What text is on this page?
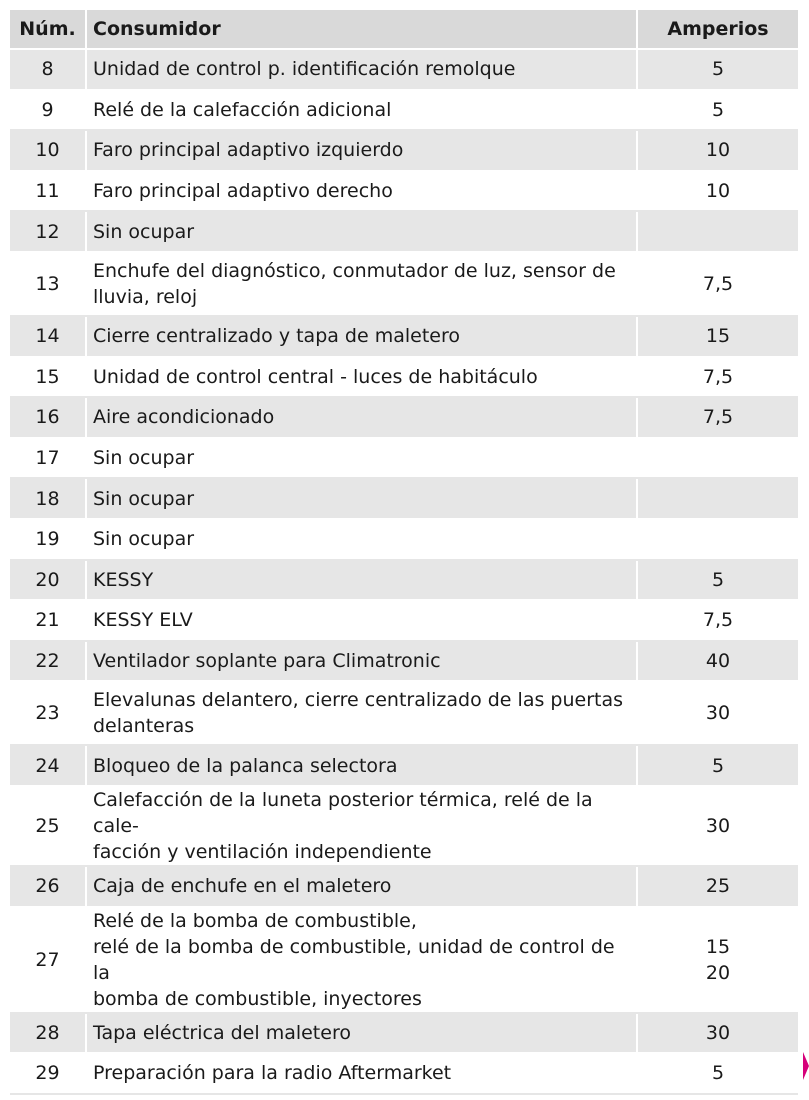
Núm.	Consumidor	Amperios
8	Unidad de control p. identificación remolque	5

9	Relé de la calefacción adicional	5

10	Faro principal adaptivo izquierdo	10

11	Faro principal adaptivo derecho	10

12	Sin ocupar	

13	Enchufe del diagnóstico, conmutador de luz, sensor de
lluvia, reloj	7,5

14	Cierre centralizado y tapa de maletero	15

15	Unidad de control central - luces de habitáculo	7,5

16	Aire acondicionado	7,5

17	Sin ocupar	

18	Sin ocupar	

19	Sin ocupar	

20	KESSY	5

21	KESSY ELV	7,5

22	Ventilador soplante para Climatronic	40

23	Elevalunas delantero, cierre centralizado de las puertas
delanteras	30

24	Bloqueo de la palanca selectora	5

25	Calefacción de la luneta posterior térmica, relé de la cale-
facción y ventilación independiente	30

26	Caja de enchufe en el maletero	25

27	Relé de la bomba de combustible,
relé de la bomba de combustible, unidad de control de la
bomba de combustible, inyectores	15
20

28	Tapa eléctrica del maletero	30

29	Preparación para la radio Aftermarket	5
